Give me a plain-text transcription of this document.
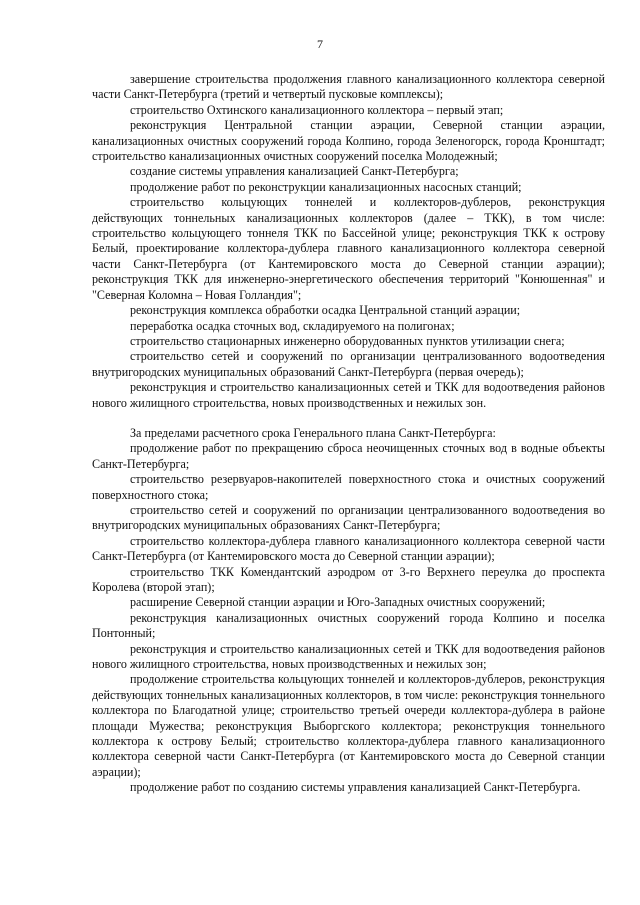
7

завершение строительства продолжения главного канализационного коллектора северной части Санкт-Петербурга (третий и четвертый пусковые комплексы);

строительство Охтинского канализационного коллектора – первый этап;

реконструкция Центральной станции аэрации, Северной станции аэрации, канализационных очистных сооружений города Колпино, города Зеленогорск, города Кронштадт; строительство канализационных очистных сооружений поселка Молодежный;

создание системы управления канализацией Санкт-Петербурга;

продолжение работ по реконструкции канализационных насосных станций;

строительство кольцующих тоннелей и коллекторов-дублеров, реконструкция действующих тоннельных канализационных коллекторов (далее – ТКК), в том числе: строительство кольцующего тоннеля ТКК по Бассейной улице; реконструкция ТКК к острову Белый, проектирование коллектора-дублера главного канализационного коллектора северной части Санкт-Петербурга (от Кантемировского моста до Северной станции аэрации); реконструкция ТКК для инженерно-энергетического обеспечения территорий "Конюшенная" и "Северная Коломна – Новая Голландия";

реконструкция комплекса обработки осадка Центральной станций аэрации;

переработка осадка сточных вод, складируемого на полигонах;

строительство стационарных инженерно оборудованных пунктов утилизации снега;

строительство сетей и сооружений по организации централизованного водоотведения внутригородских муниципальных образований Санкт-Петербурга (первая очередь);

реконструкция и строительство канализационных сетей и ТКК для водоотведения районов нового жилищного строительства, новых производственных и нежилых зон.

За пределами расчетного срока Генерального плана Санкт-Петербурга:

продолжение работ по прекращению сброса неочищенных сточных вод в водные объекты Санкт-Петербурга;

строительство резервуаров-накопителей поверхностного стока и очистных сооружений поверхностного стока;

строительство сетей и сооружений по организации централизованного водоотведения во внутригородских муниципальных образованиях Санкт-Петербурга;

строительство коллектора-дублера главного канализационного коллектора северной части Санкт-Петербурга (от Кантемировского моста до Северной станции аэрации);

строительство ТКК Комендантский аэродром от 3-го Верхнего переулка до проспекта Королева (второй этап);

расширение Северной станции аэрации и Юго-Западных очистных сооружений;

реконструкция канализационных очистных сооружений города Колпино и поселка Понтонный;

реконструкция и строительство канализационных сетей и ТКК для водоотведения районов нового жилищного строительства, новых производственных и нежилых зон;

продолжение строительства кольцующих тоннелей и коллекторов-дублеров, реконструкция действующих тоннельных канализационных коллекторов, в том числе: реконструкция тоннельного коллектора по Благодатной улице; строительство третьей очереди коллектора-дублера в районе площади Мужества; реконструкция Выборгского коллектора; реконструкция тоннельного коллектора к острову Белый; строительство коллектора-дублера главного канализационного коллектора северной части Санкт-Петербурга (от Кантемировского моста до Северной станции аэрации);

продолжение работ по созданию системы управления канализацией Санкт-Петербурга.
